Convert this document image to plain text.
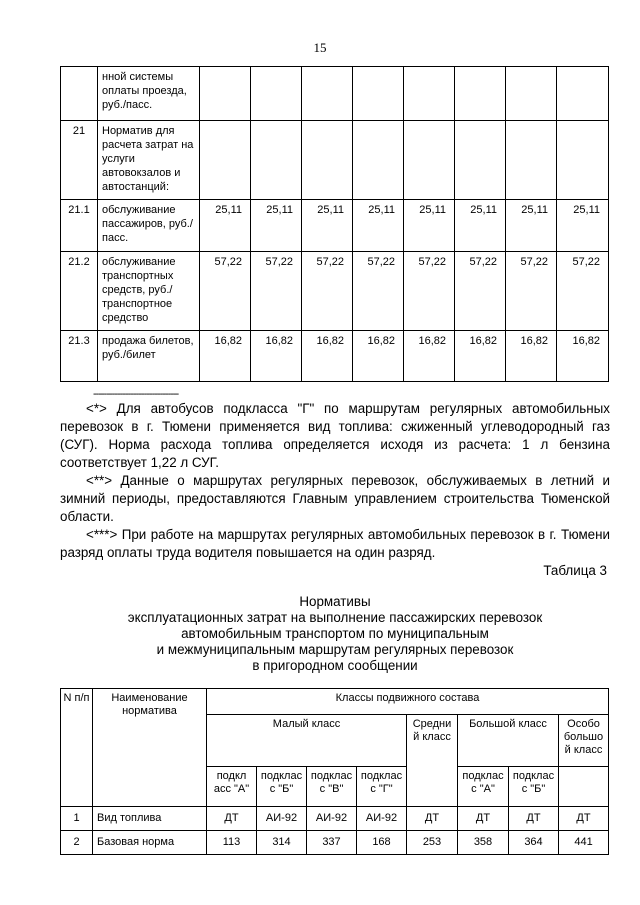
15
	нной системы оплаты проезда, руб./пасс.								
21	Норматив для расчета затрат на услуги автовокзалов и автостанций:								
21.1	обслуживание пассажиров, руб./пасс.	25,11	25,11	25,11	25,11	25,11	25,11	25,11	25,11
21.2	обслуживание транспортных средств, руб./ транспортное средство	57,22	57,22	57,22	57,22	57,22	57,22	57,22	57,22
21.3	продажа билетов, руб./билет	16,82	16,82	16,82	16,82	16,82	16,82	16,82	16,82
--------------------------------

<*> Для автобусов подкласса "Г" по маршрутам регулярных автомобильных перевозок в г. Тюмени применяется вид топлива: сжиженный углеводородный газ (СУГ). Норма расхода топлива определяется исходя из расчета: 1 л бензина соответствует 1,22 л СУГ.

<**> Данные о маршрутах регулярных перевозок, обслуживаемых в летний и зимний периоды, предоставляются Главным управлением строительства Тюменской области.

<***> При работе на маршрутах регулярных автомобильных перевозок в г. Тюмени разряд оплаты труда водителя повышается на один разряд.

Таблица 3
Нормативы
эксплуатационных затрат на выполнение пассажирских перевозок
автомобильным транспортом по муниципальным
и межмуниципальным маршрутам регулярных перевозок
в пригородном сообщении
N п/п	Наименование норматива	Классы подвижного состава							
		Малый класс				Средни й класс	Большой класс		Особо большо й класс
		подкл асс "А"	подклас с "Б"	подклас с "В"	подклас с "Г"		подклас с "А"	подклас с "Б"	
1	Вид топлива	ДТ	АИ-92	АИ-92	АИ-92	ДТ	ДТ	ДТ	ДТ
2	Базовая норма	113	314	337	168	253	358	364	441
